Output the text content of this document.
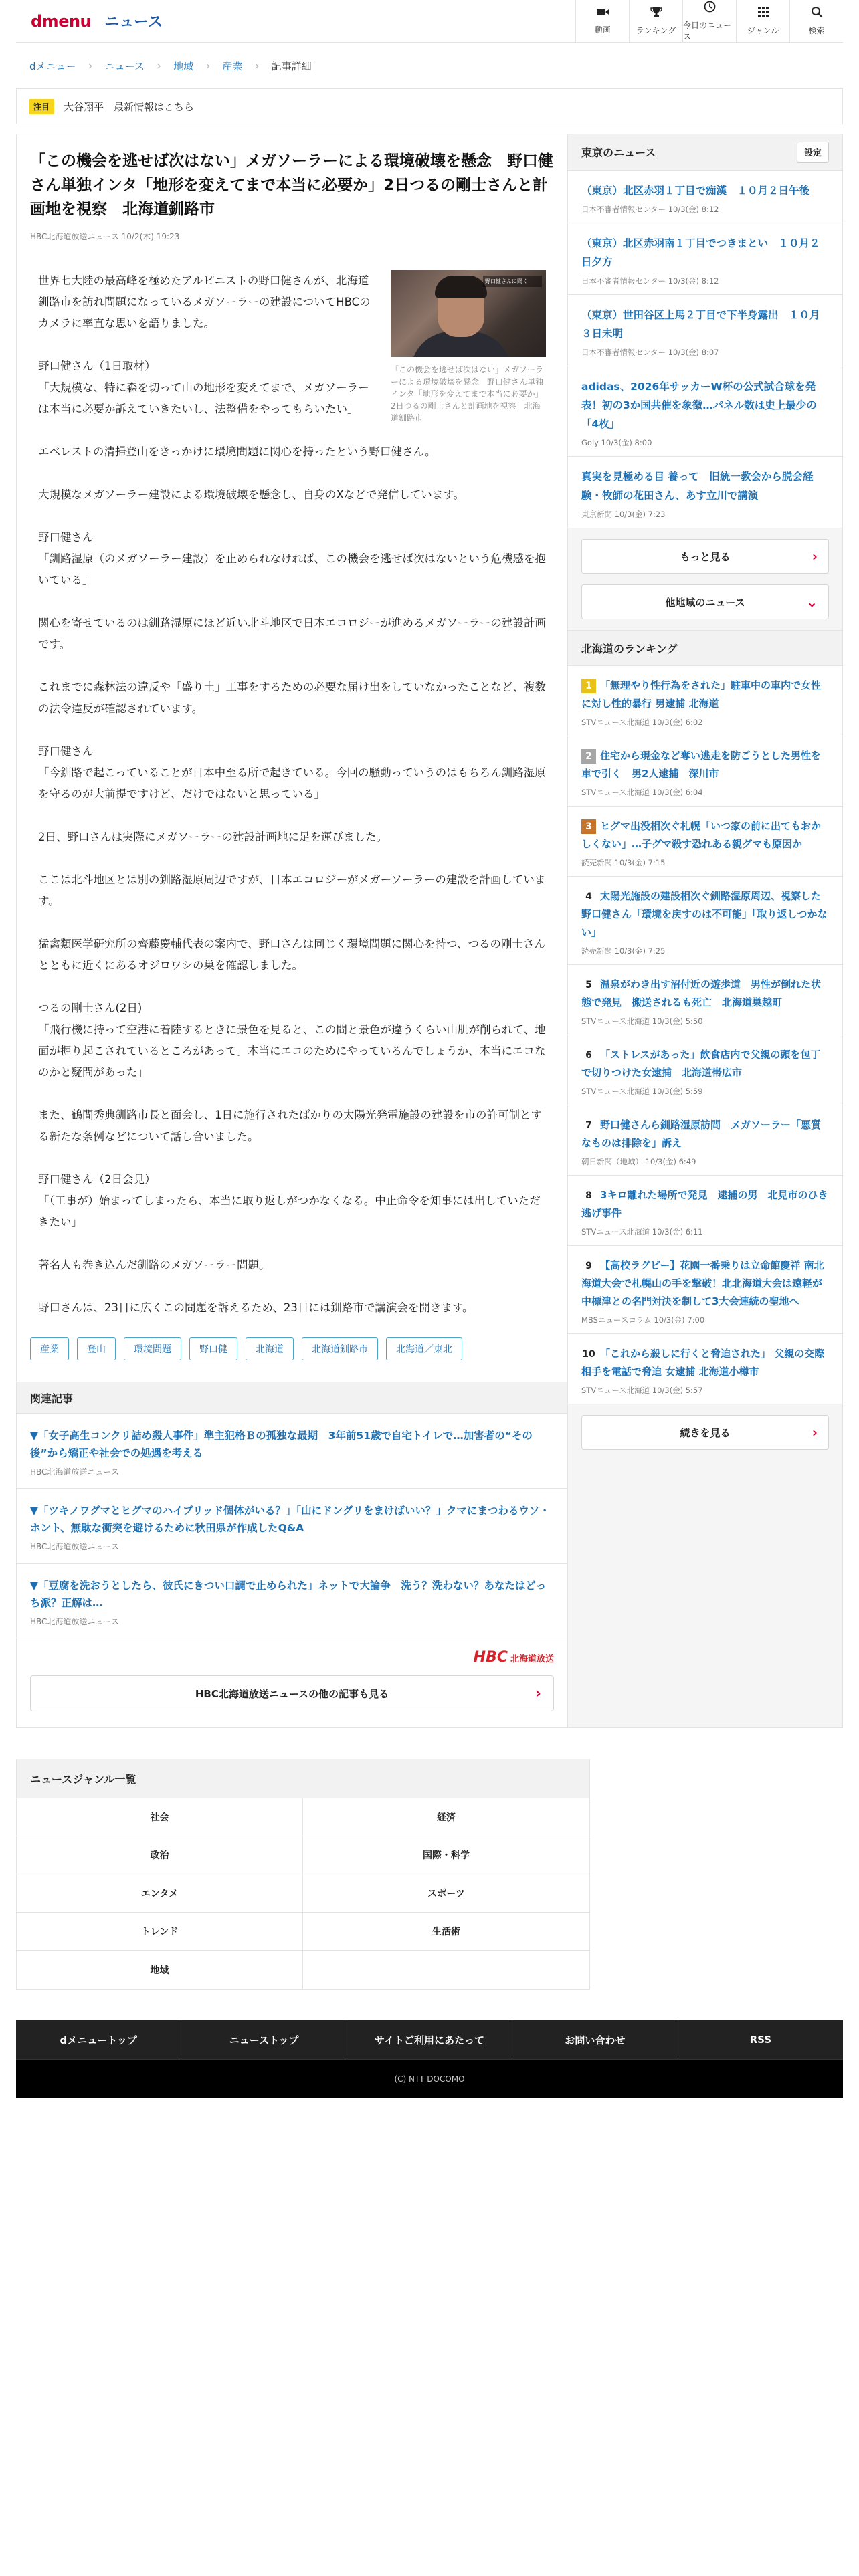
dmenu ニュース	動画	ランキング
今日のニュース
ジャンル	検索
dメニュー › ニュース › 地域 › 産業 › 記事詳細
注目	大谷翔平　最新情報はこちら
「この機会を逃せば次はない」メガソーラーによる環境破壊を懸念　野口健さん単独インタ「地形を変えてまで本当に必要か」2日つるの剛士さんと計画地を視察　北海道釧路市
HBC北海道放送ニュース 10/2(木) 19:23
野口健さんに聞く
「この機会を逃せば次はない」メガソーラーによる環境破壊を懸念　野口健さん単独インタ「地形を変えてまで本当に必要か」2日つるの剛士さんと計画地を視察　北海道釧路市

世界七大陸の最高峰を極めたアルピニストの野口健さんが、北海道釧路市を訪れ問題になっているメガソーラーの建設についてHBCのカメラに率直な思いを語りました。

野口健さん（1日取材）
「大規模な、特に森を切って山の地形を変えてまで、メガソーラーは本当に必要か訴えていきたいし、法整備をやってもらいたい」

エベレストの清掃登山をきっかけに環境問題に関心を持ったという野口健さん。

大規模なメガソーラー建設による環境破壊を懸念し、自身のXなどで発信しています。

野口健さん
「釧路湿原（のメガソーラー建設）を止められなければ、この機会を逃せば次はないという危機感を抱いている」

関心を寄せているのは釧路湿原にほど近い北斗地区で日本エコロジーが進めるメガソーラーの建設計画です。

これまでに森林法の違反や「盛り土」工事をするための必要な届け出をしていなかったことなど、複数の法令違反が確認されています。

野口健さん
「今釧路で起こっていることが日本中至る所で起きている。今回の騒動っていうのはもちろん釧路湿原を守るのが大前提ですけど、だけではないと思っている」

2日、野口さんは実際にメガソーラーの建設計画地に足を運びました。

ここは北斗地区とは別の釧路湿原周辺ですが、日本エコロジーがメガーソーラーの建設を計画しています。

猛禽類医学研究所の齊藤慶輔代表の案内で、野口さんは同じく環境問題に関心を持つ、つるの剛士さんとともに近くにあるオジロワシの巣を確認しました。

つるの剛士さん(2日)
「飛行機に持って空港に着陸するときに景色を見ると、この間と景色が違うくらい山肌が削られて、地面が掘り起こされているところがあって。本当にエコのためにやっているんでしょうか、本当にエコなのかと疑問があった」

また、鶴間秀典釧路市長と面会し、1日に施行されたばかりの太陽光発電施設の建設を市の許可制とする新たな条例などについて話し合いました。

野口健さん（2日会見）
「（工事が）始まってしまったら、本当に取り返しがつかなくなる。中止命令を知事には出していただきたい」

著名人も巻き込んだ釧路のメガソーラー問題。

野口さんは、23日に広くこの問題を訴えるため、23日には釧路市で講演会を開きます。

産業	登山	環境問題	野口健	北海道	北海道釧路市	北海道／東北
関連記事
▼「女子高生コンクリ詰め殺人事件」準主犯格Ｂの孤独な最期　3年前51歳で自宅トイレで…加害者の“その後”から矯正や社会での処遇を考える
HBC北海道放送ニュース
▼「ツキノワグマとヒグマのハイブリッド個体がいる？」「山にドングリをまけばいい？」クマにまつわるウソ・ホント、無駄な衝突を避けるために秋田県が作成したQ&A
HBC北海道放送ニュース
▼「豆腐を洗おうとしたら、彼氏にきつい口調で止められた」ネットで大論争　洗う？洗わない？あなたはどっち派？正解は…
HBC北海道放送ニュース
HBC 北海道放送
HBC北海道放送ニュースの他の記事も見る	›
東京のニュース	設定
（東京）北区赤羽１丁目で痴漢　１０月２日午後
日本不審者情報センター 10/3(金) 8:12
（東京）北区赤羽南１丁目でつきまとい　１０月２日夕方
日本不審者情報センター 10/3(金) 8:12
（東京）世田谷区上馬２丁目で下半身露出　１０月３日未明
日本不審者情報センター 10/3(金) 8:07
adidas、2026年サッカーW杯の公式試合球を発表！初の3か国共催を象徴…パネル数は史上最少の「4枚」
Goly 10/3(金) 8:00
真実を見極める目 養って　旧統一教会から脱会経験・牧師の花田さん、あす立川で講演
東京新聞 10/3(金) 7:23
もっと見る	›
他地域のニュース	⌄
北海道のランキング
1 「無理やり性行為をされた」駐車中の車内で女性に対し性的暴行 男逮捕 北海道
STVニュース北海道 10/3(金) 6:02
2 住宅から現金など奪い逃走を防ごうとした男性を車で引く　男2人逮捕　深川市
STVニュース北海道 10/3(金) 6:04
3 ヒグマ出没相次ぐ札幌「いつ家の前に出てもおかしくない」…子グマ殺す恐れある親グマも原因か
読売新聞 10/3(金) 7:15
4 太陽光施設の建設相次ぐ釧路湿原周辺、視察した野口健さん「環境を戻すのは不可能」「取り返しつかない」
読売新聞 10/3(金) 7:25
5 温泉がわき出す沼付近の遊歩道　男性が倒れた状態で発見　搬送されるも死亡　北海道巣越町
STVニュース北海道 10/3(金) 5:50
6 「ストレスがあった」飲食店内で父親の頭を包丁で切りつけた女逮捕　北海道帯広市
STVニュース北海道 10/3(金) 5:59
7 野口健さんら釧路湿原訪問　メガソーラー「悪質なものは排除を」訴え
朝日新聞（地域） 10/3(金) 6:49
8 3キロ離れた場所で発見　逮捕の男　北見市のひき逃げ事件
STVニュース北海道 10/3(金) 6:11
9 【高校ラグビー】花園一番乗りは立命館慶祥 南北海道大会で札幌山の手を撃破！北北海道大会は遠軽が中標津との名門対決を制して3大会連続の聖地へ
MBSニュースコラム 10/3(金) 7:00
10 「これから殺しに行くと脅迫された」 父親の交際相手を電話で脅迫 女逮捕 北海道小樽市
STVニュース北海道 10/3(金) 5:57
続きを見る	›
ニュースジャンル一覧
社会	経済
政治	国際・科学
エンタメ	スポーツ
トレンド	生活術
地域
dメニュートップ	ニューストップ	サイトご利用にあたって	お問い合わせ	RSS
(C) NTT DOCOMO
